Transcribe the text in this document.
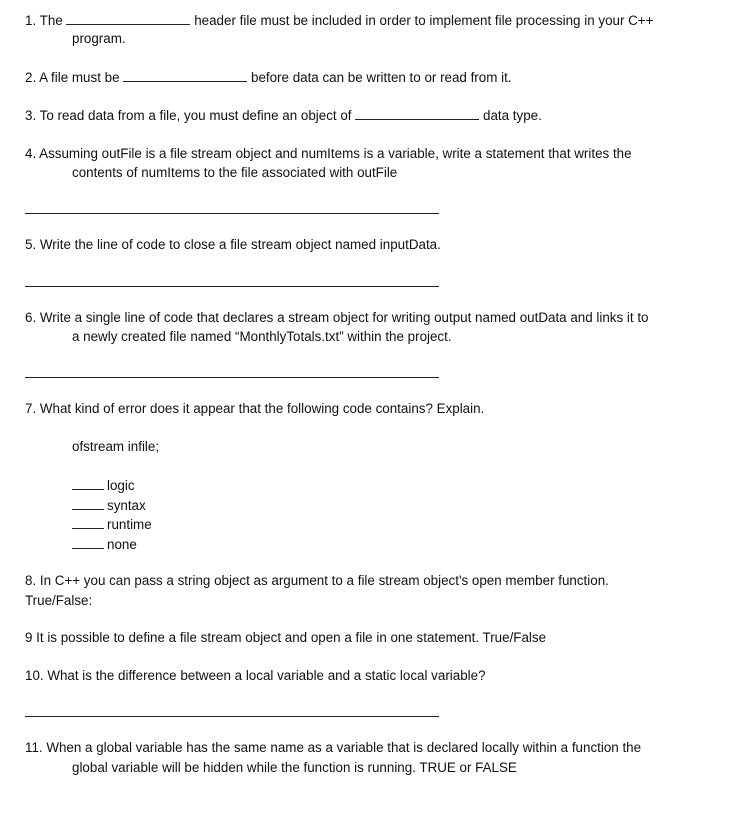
1. The	header file must be included in order to implement file processing in your C++
program.
2. A file must be	before data can be written to or read from it.
3. To read data from a file, you must define an object of	data type.
4. Assuming outFile is a file stream object and numItems is a variable, write a statement that writes the
contents of numItems to the file associated with outFile
5. Write the line of code to close a file stream object named inputData.
6. Write a single line of code that declares a stream object for writing output named outData and links it to
a newly created file named “MonthlyTotals.txt” within the project.
7. What kind of error does it appear that the following code contains? Explain.
ofstream infile;
logic
syntax
runtime
none
8. In C++ you can pass a string object as argument to a file stream object's open member function.
True/False:
9 It is possible to define a file stream object and open a file in one statement. True/False
10. What is the difference between a local variable and a static local variable?
11. When a global variable has the same name as a variable that is declared locally within a function the
global variable will be hidden while the function is running. TRUE or FALSE
